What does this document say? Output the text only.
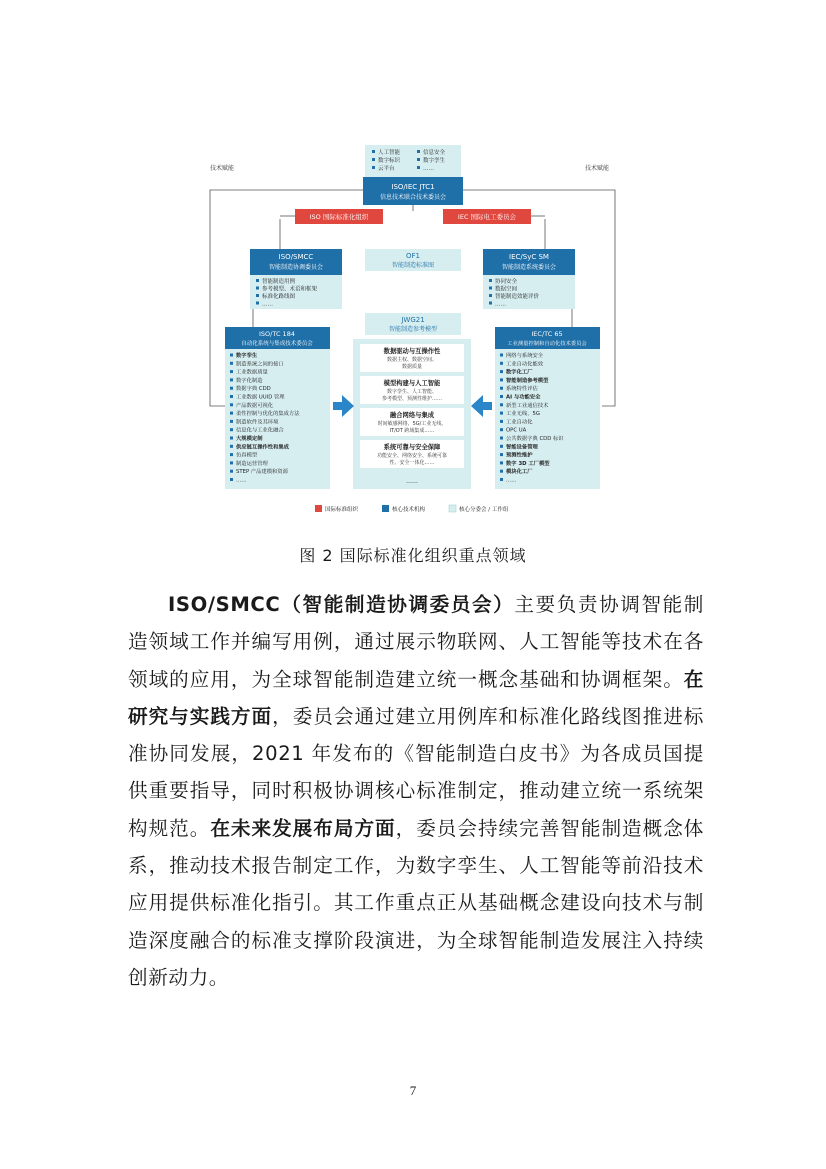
技术赋能	技术赋能
人工智能	信息安全
数字标识	数字孪生
云平台	……
ISO/IEC JTC1
信息技术联合技术委员会
ISO 国际标准化组织	IEC 国际电工委员会
ISO/SMCC
智能制造协调委员会
智能制造用例
参考模型、术语和框架
标准化路线图
……
OF1
智能制造标准图
IEC/SyC SM
智能制造系统委员会
协同安全
数据空间
智能制造效能评价
……
JWG21
智能制造参考模型
ISO/TC 184
自动化系统与集成技术委员会
数字孪生
制造系统之间的接口
工业数据质量
数字化制造
数据字典 CDD
工业数据 UUID 管理
产品数据可视化
柔性控制与优化的集成方法
制造软件及其环境
信息化与工业化融合
大规模定制
供应链互操作性和集成
仿真模型
制造运营管理
STEP 产品建模和资源
……
数据驱动与互操作性
数据主权、数据空间、
数据质量
模型构建与人工智能
数字孪生、人工智能、
参考模型、预测性维护……
融合网络与集成
时间敏感网络、5G/工业无线、
IT/OT 跨域集成……
系统可靠与安全保障
功能安全、网络安全、系统可靠
性、安全一体化……
……
IEC/TC 65
工业测量控制和自动化技术委员会
网络与系统安全
工业自动化能效
数字化工厂
智能制造参考模型
系统特性评估
AI 与功能安全
新型工业通信技术
工业无线、5G
工业自动化
OPC UA
公共数据字典 CDD 标识
智能设备管理
预测性维护
数字 3D 工厂模型
模块化工厂
……
国际标准组织	核心技术机构	核心分委会 / 工作组
图 2 国际标准化组织重点领域

ISO/SMCC（智能制造协调委员会）主要负责协调智能制造领域工作并编写用例，通过展示物联网、人工智能等技术在各领域的应用，为全球智能制造建立统一概念基础和协调框架。在研究与实践方面，委员会通过建立用例库和标准化路线图推进标准协同发展，2021 年发布的《智能制造白皮书》为各成员国提供重要指导，同时积极协调核心标准制定，推动建立统一系统架构规范。在未来发展布局方面，委员会持续完善智能制造概念体系，推动技术报告制定工作，为数字孪生、人工智能等前沿技术应用提供标准化指引。其工作重点正从基础概念建设向技术与制造深度融合的标准支撑阶段演进，为全球智能制造发展注入持续创新动力。

7
